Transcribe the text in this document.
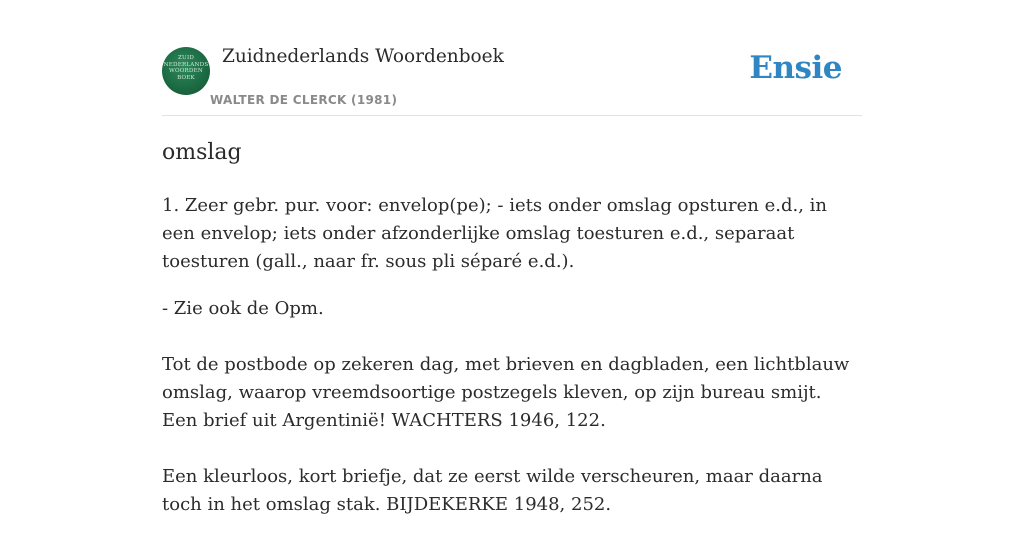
ZUID
NEDERLANDS
WOORDEN
BOEK
Zuidnederlands Woordenboek
WALTER DE CLERCK (1981)
Ensie
omslag

1. Zeer gebr. pur. voor: envelop(pe); - iets onder omslag opsturen e.d., in een envelop; iets onder afzonderlijke omslag toesturen e.d., separaat toesturen (gall., naar fr. sous pli séparé e.d.).

- Zie ook de Opm.

Tot de postbode op zekeren dag, met brieven en dagbladen, een lichtblauw omslag, waarop vreemdsoortige postzegels kleven, op zijn bureau smijt. Een brief uit Argentinië! WACHTERS 1946, 122.

Een kleurloos, kort briefje, dat ze eerst wilde verscheuren, maar daarna toch in het omslag stak. BIJDEKERKE 1948, 252.
